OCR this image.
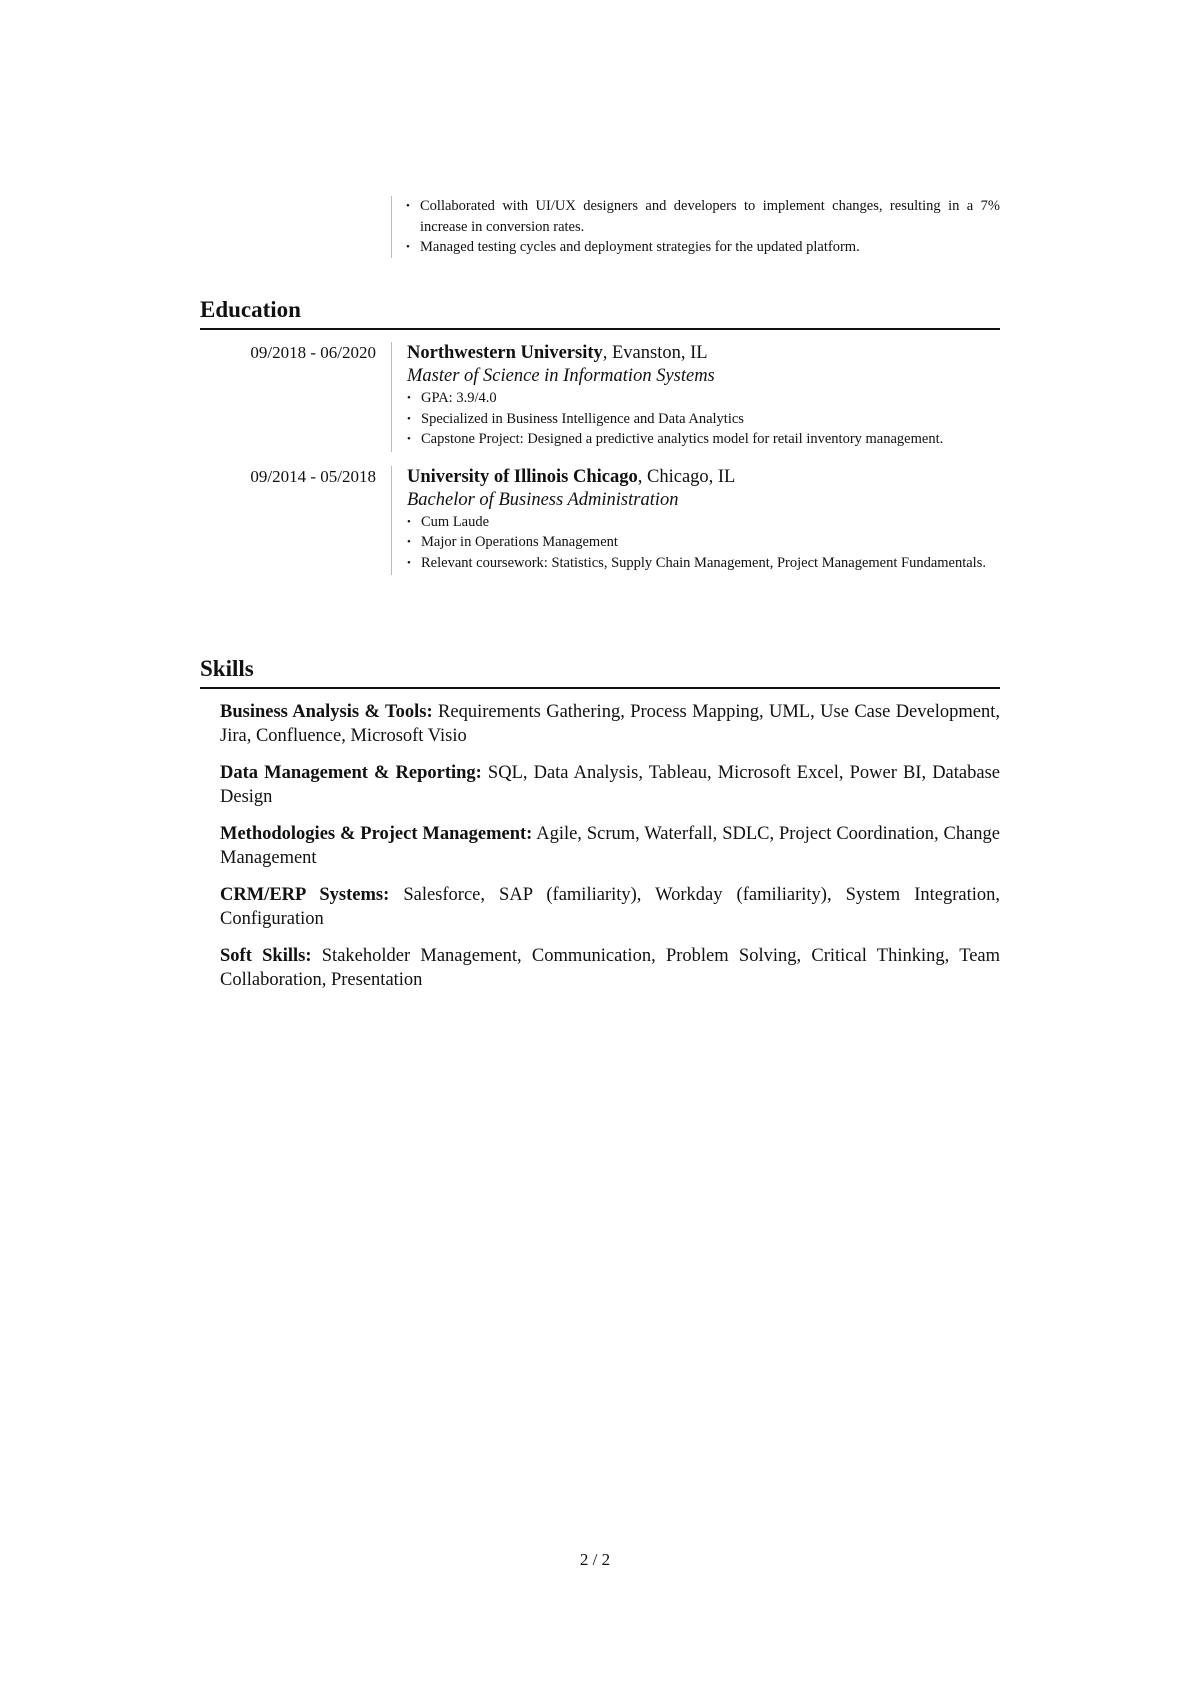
• Collaborated with UI/UX designers and developers to implement changes, resulting in a 7% increase in conversion rates.
• Managed testing cycles and deployment strategies for the updated platform.
Education
09/2018 - 06/2020	Northwestern University, Evanston, IL
Master of Science in Information Systems
• GPA: 3.9/4.0
• Specialized in Business Intelligence and Data Analytics
• Capstone Project: Designed a predictive analytics model for retail inventory management.
09/2014 - 05/2018	University of Illinois Chicago, Chicago, IL
Bachelor of Business Administration
• Cum Laude
• Major in Operations Management
• Relevant coursework: Statistics, Supply Chain Management, Project Management Fundamentals.
Skills
Business Analysis & Tools: Requirements Gathering, Process Mapping, UML, Use Case Development, Jira, Confluence, Microsoft Visio
Data Management & Reporting: SQL, Data Analysis, Tableau, Microsoft Excel, Power BI, Database Design
Methodologies & Project Management: Agile, Scrum, Waterfall, SDLC, Project Coordination, Change Management
CRM/ERP Systems: Salesforce, SAP (familiarity), Workday (familiarity), System Integration, Configuration
Soft Skills: Stakeholder Management, Communication, Problem Solving, Critical Thinking, Team Collaboration, Presentation
2 / 2
